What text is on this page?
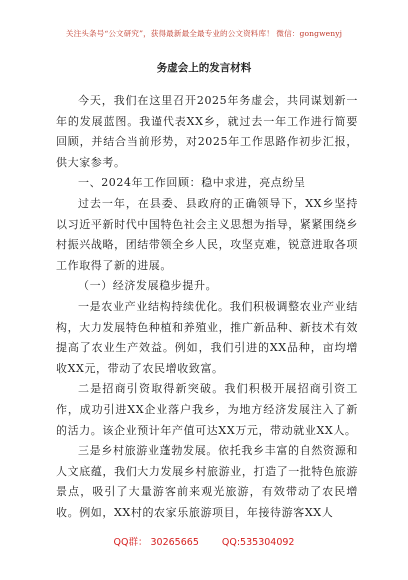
关注头条号“公文研究”，获得最新最全最专业的公文资料库！ 微信：gongwenyj
务虚会上的发言材料

今天，我们在这里召开2025年务虚会，共同谋划新一年的发展蓝图。我谨代表XX乡，就过去一年工作进行简要回顾，并结合当前形势，对2025年工作思路作初步汇报，供大家参考。

一、2024年工作回顾：稳中求进，亮点纷呈

过去一年，在县委、县政府的正确领导下，XX乡坚持以习近平新时代中国特色社会主义思想为指导，紧紧围绕乡村振兴战略，团结带领全乡人民，攻坚克难，锐意进取各项工作取得了新的进展。

（一）经济发展稳步提升。

一是农业产业结构持续优化。我们积极调整农业产业结构，大力发展特色种植和养殖业，推广新品种、新技术有效提高了农业生产效益。例如，我们引进的XX品种，亩均增收XX元，带动了农民增收致富。

二是招商引资取得新突破。我们积极开展招商引资工作，成功引进XX企业落户我乡，为地方经济发展注入了新的活力。该企业预计年产值可达XX万元，带动就业XX人。

三是乡村旅游业蓬勃发展。依托我乡丰富的自然资源和人文底蕴，我们大力发展乡村旅游业，打造了一批特色旅游景点，吸引了大量游客前来观光旅游，有效带动了农民增收。例如，XX村的农家乐旅游项目，年接待游客XX人

QQ群： 30265665 QQ:535304092
